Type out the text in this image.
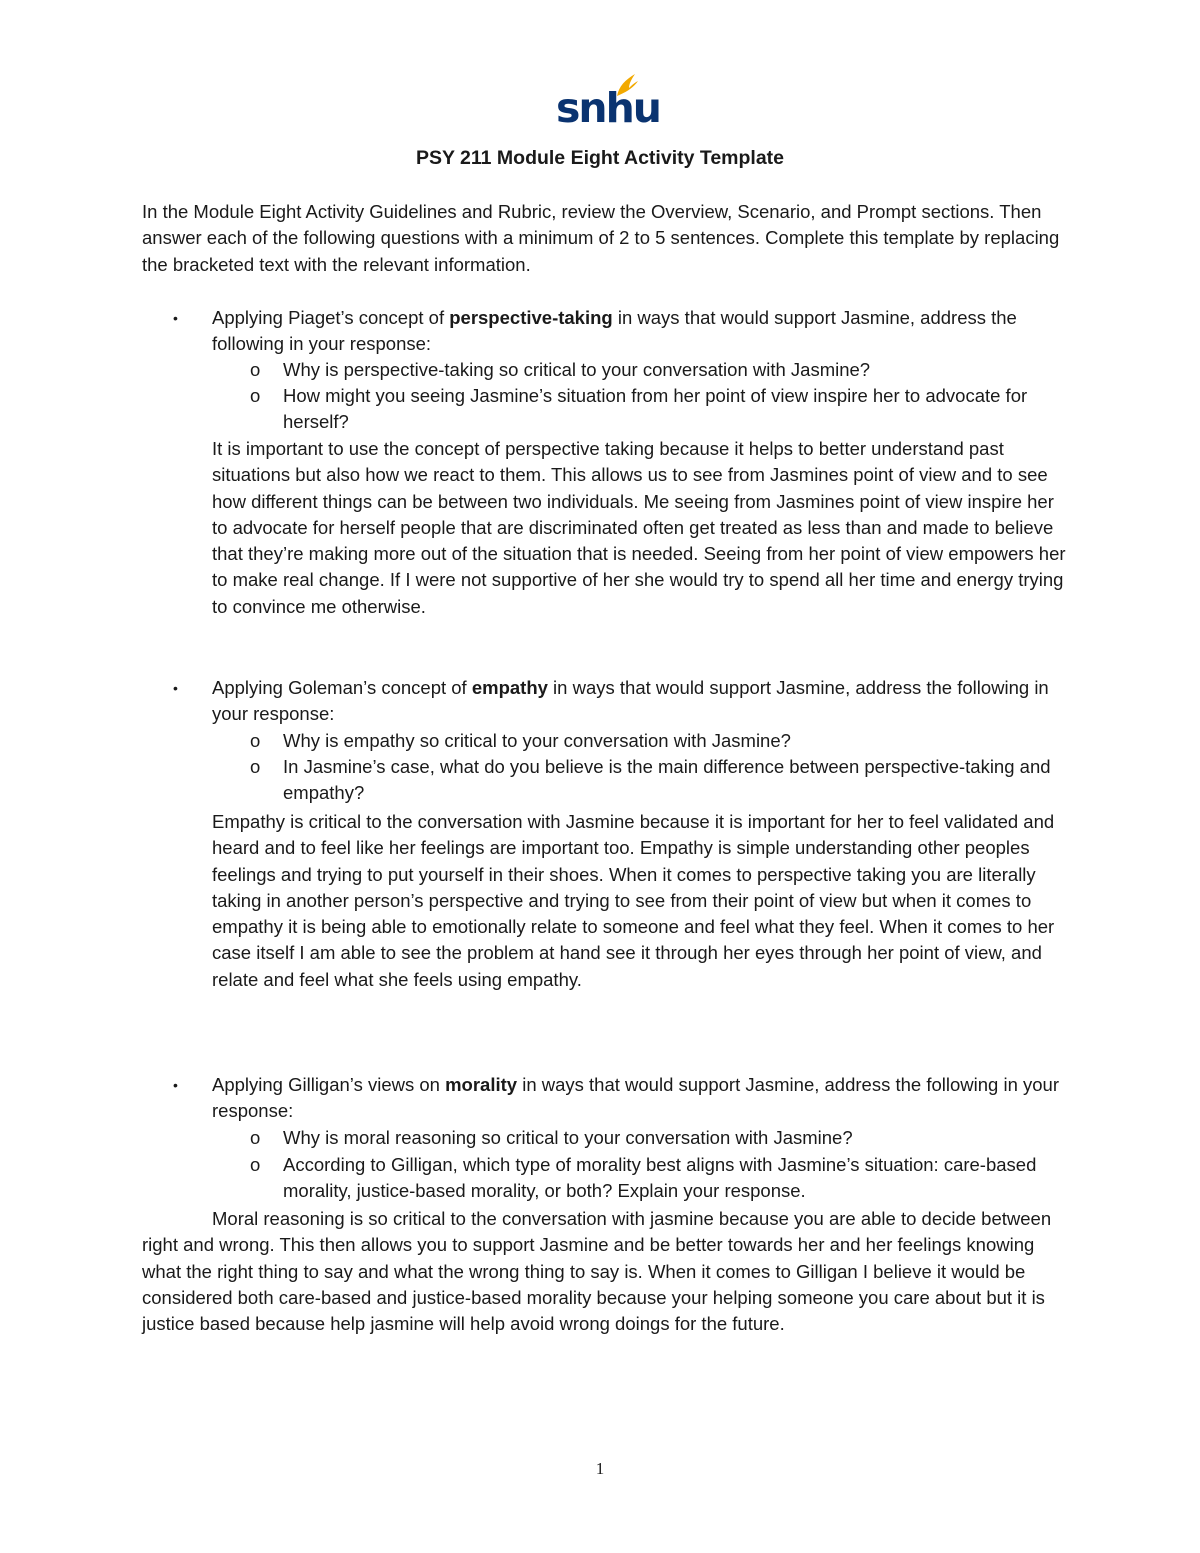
snhu
PSY 211 Module Eight Activity Template
In the Module Eight Activity Guidelines and Rubric, review the Overview, Scenario, and Prompt sections. Then answer each of the following questions with a minimum of 2 to 5 sentences. Complete this template by replacing the bracketed text with the relevant information.
• Applying Piaget’s concept of perspective-taking in ways that would support Jasmine, address the following in your response:
o Why is perspective-taking so critical to your conversation with Jasmine?
o How might you seeing Jasmine’s situation from her point of view inspire her to advocate for herself?
It is important to use the concept of perspective taking because it helps to better understand past situations but also how we react to them. This allows us to see from Jasmines point of view and to see how different things can be between two individuals. Me seeing from Jasmines point of view inspire her to advocate for herself people that are discriminated often get treated as less than and made to believe that they’re making more out of the situation that is needed. Seeing from her point of view empowers her to make real change. If I were not supportive of her she would try to spend all her time and energy trying to convince me otherwise.
• Applying Goleman’s concept of empathy in ways that would support Jasmine, address the following in your response:
o Why is empathy so critical to your conversation with Jasmine?
o In Jasmine’s case, what do you believe is the main difference between perspective-taking and empathy?
Empathy is critical to the conversation with Jasmine because it is important for her to feel validated and heard and to feel like her feelings are important too. Empathy is simple understanding other peoples feelings and trying to put yourself in their shoes. When it comes to perspective taking you are literally taking in another person’s perspective and trying to see from their point of view but when it comes to empathy it is being able to emotionally relate to someone and feel what they feel. When it comes to her case itself I am able to see the problem at hand see it through her eyes through her point of view, and relate and feel what she feels using empathy.
• Applying Gilligan’s views on morality in ways that would support Jasmine, address the following in your response:
o Why is moral reasoning so critical to your conversation with Jasmine?
o According to Gilligan, which type of morality best aligns with Jasmine’s situation: care-based morality, justice-based morality, or both? Explain your response.
Moral reasoning is so critical to the conversation with jasmine because you are able to decide between right and wrong. This then allows you to support Jasmine and be better towards her and her feelings knowing what the right thing to say and what the wrong thing to say is. When it comes to Gilligan I believe it would be considered both care-based and justice-based morality because your helping someone you care about but it is justice based because help jasmine will help avoid wrong doings for the future.
1
